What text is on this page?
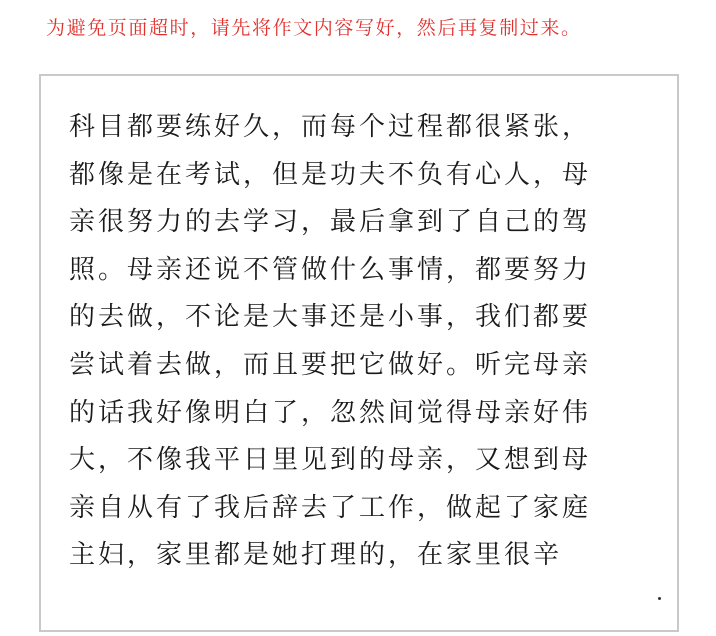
为避免页面超时，请先将作文内容写好，然后再复制过来。
科目都要练好久，而每个过程都很紧张，
都像是在考试，但是功夫不负有心人，母
亲很努力的去学习，最后拿到了自己的驾
照。母亲还说不管做什么事情，都要努力
的去做，不论是大事还是小事，我们都要
尝试着去做，而且要把它做好。听完母亲
的话我好像明白了，忽然间觉得母亲好伟
大，不像我平日里见到的母亲，又想到母
亲自从有了我后辞去了工作，做起了家庭
主妇，家里都是她打理的，在家里很辛
